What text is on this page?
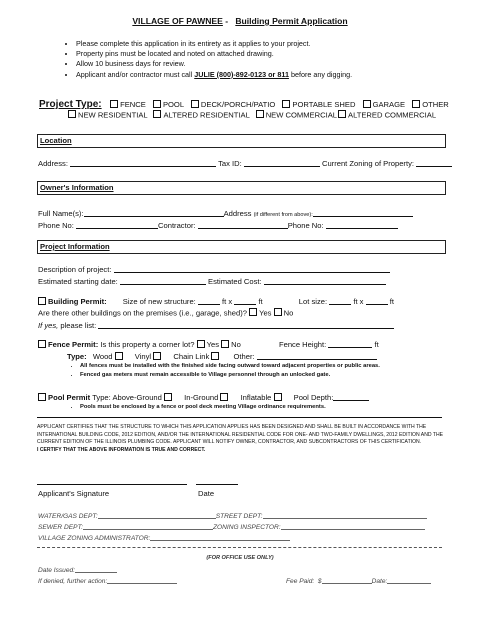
VILLAGE OF PAWNEE -   Building Permit Application
• Please complete this application in its entirety as it applies to your project.
• Property pins must be located and noted on attached drawing.
• Allow 10 business days for review.
• Applicant and/or contractor must call JULIE (800)-892-0123 or 811 before any digging.
Project Type: FENCE POOL DECK/PORCH/PATIO PORTABLE SHED GARAGE OTHER
NEW RESIDENTIAL ALTERED RESIDENTIAL NEW COMMERCIAL ALTERED COMMERCIAL
Location
Address:	Tax ID:	Current Zoning of Property:
Owner's Information
Full Name(s):	Address (if different from above):
Phone No:	Contractor:	Phone No:
Project Information
Description of project:
Estimated starting date:	Estimated Cost:
Building Permit: Size of new structure:	ft x	ft	Lot size:	ft x	ft
Are there other buildings on the premises (i.e., garage, shed)? Yes No
If yes, please list:
Fence Permit: Is this property a corner lot? Yes No	Fence Height:	ft
Type: Wood	Vinyl	Chain Link	Other:
• All fences must be installed with the finished side facing outward toward adjacent properties or public areas.
• Fenced gas meters must remain accessible to Village personnel through an unlocked gate.
Pool Permit Type: Above-Ground	In-Ground	Inflatable	Pool Depth:
• Pools must be enclosed by a fence or pool deck meeting Village ordinance requirements.
APPLICANT CERTIFIES THAT THE STRUCTURE TO WHICH THIS APPLICATION APPLIES HAS BEEN DESIGNED AND SHALL BE BUILT IN ACCORDANCE WITH THE INTERNATIONAL BUILDING CODE, 2012 EDITION, AND/OR THE INTERNATIONAL RESIDENTIAL CODE FOR ONE- AND TWO-FAMILY DWELLINGS, 2012 EDITION AND THE CURRENT EDITION OF THE ILLINOIS PLUMBING CODE. APPLICANT WILL NOTIFY OWNER, CONTRACTOR, AND SUBCONTRACTORS OF THIS CERTIFICATION.
I CERTIFY THAT THE ABOVE INFORMATION IS TRUE AND CORRECT.
Applicant's Signature	Date
WATER/GAS DEPT:	STREET DEPT:
SEWER DEPT:	ZONING INSPECTOR:
VILLAGE ZONING ADMINISTRATOR:
(FOR OFFICE USE ONLY)
Date Issued:
If denied, further action:	Fee Paid:  $	Date:
